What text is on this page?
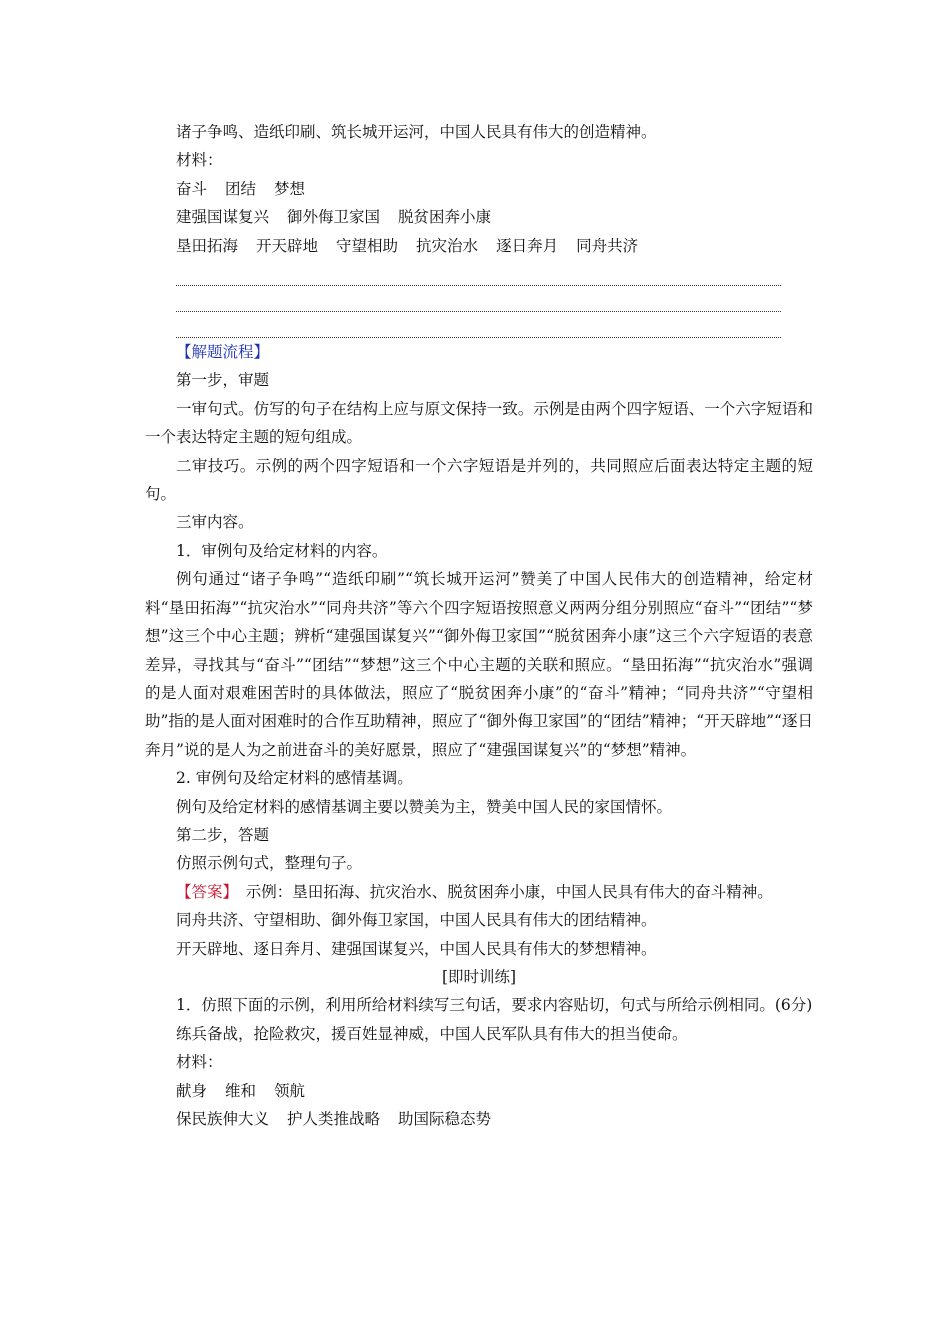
诸子争鸣、造纸印刷、筑长城开运河，中国人民具有伟大的创造精神。

材料：

奋斗 团结 梦想

建强国谋复兴 御外侮卫家国 脱贫困奔小康

垦田拓海 开天辟地 守望相助 抗灾治水 逐日奔月 同舟共济

【解题流程】

第一步，审题

一审句式。仿写的句子在结构上应与原文保持一致。示例是由两个四字短语、一个六字短语和一个表达特定主题的短句组成。

二审技巧。示例的两个四字短语和一个六字短语是并列的，共同照应后面表达特定主题的短句。

三审内容。

1．审例句及给定材料的内容。

例句通过“诸子争鸣”“造纸印刷”“筑长城开运河”赞美了中国人民伟大的创造精神，给定材料“垦田拓海”“抗灾治水”“同舟共济”等六个四字短语按照意义两两分组分别照应“奋斗”“团结”“梦想”这三个中心主题；辨析“建强国谋复兴”“御外侮卫家国”“脱贫困奔小康”这三个六字短语的表意差异，寻找其与“奋斗”“团结”“梦想”这三个中心主题的关联和照应。“垦田拓海”“抗灾治水”强调的是人面对艰难困苦时的具体做法，照应了“脱贫困奔小康”的“奋斗”精神；“同舟共济”“守望相助”指的是人面对困难时的合作互助精神，照应了“御外侮卫家国”的“团结”精神；“开天辟地”“逐日奔月”说的是人为之前进奋斗的美好愿景，照应了“建强国谋复兴”的“梦想”精神。

2. 审例句及给定材料的感情基调。

例句及给定材料的感情基调主要以赞美为主，赞美中国人民的家国情怀。

第二步，答题

仿照示例句式，整理句子。

【答案】　示例：垦田拓海、抗灾治水、脱贫困奔小康，中国人民具有伟大的奋斗精神。

同舟共济、守望相助、御外侮卫家国，中国人民具有伟大的团结精神。

开天辟地、逐日奔月、建强国谋复兴，中国人民具有伟大的梦想精神。

[即时训练]

1．仿照下面的示例，利用所给材料续写三句话，要求内容贴切，句式与所给示例相同。(6分)

练兵备战，抢险救灾，援百姓显神威，中国人民军队具有伟大的担当使命。

材料：

献身 维和 领航

保民族伸大义 护人类推战略 助国际稳态势
